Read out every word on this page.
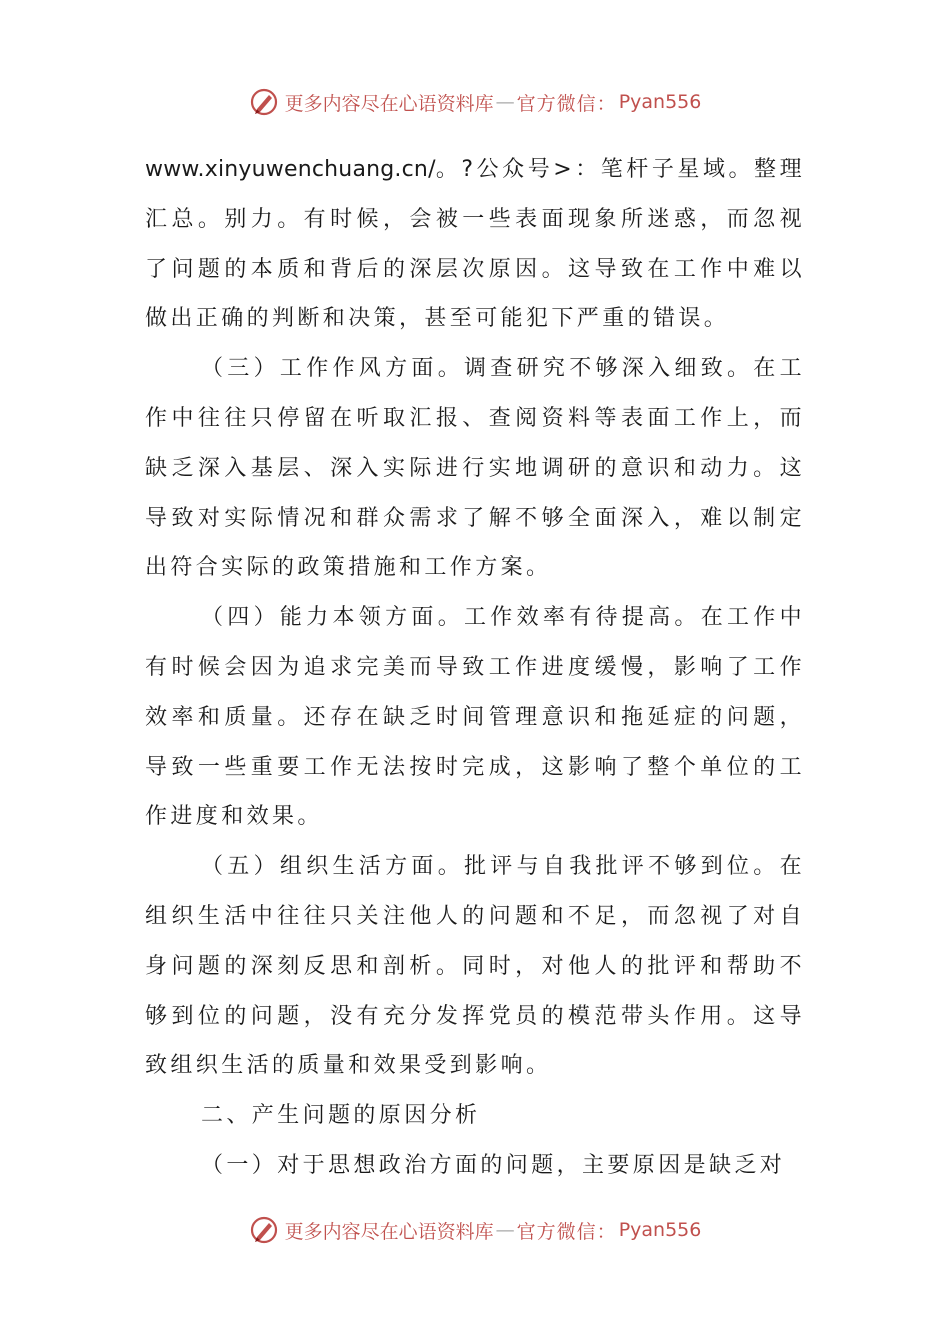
更多内容尽在心语资料库 — 官方微信： Pyan556

www.xinyuwenchuang.cn/。?公众号>：笔杆子星域。整理汇总。别力。有时候，会被一些表面现象所迷惑，而忽视了问题的本质和背后的深层次原因。这导致在工作中难以做出正确的判断和决策，甚至可能犯下严重的错误。

（三）工作作风方面。调查研究不够深入细致。在工作中往往只停留在听取汇报、查阅资料等表面工作上，而缺乏深入基层、深入实际进行实地调研的意识和动力。这导致对实际情况和群众需求了解不够全面深入，难以制定出符合实际的政策措施和工作方案。

（四）能力本领方面。工作效率有待提高。在工作中有时候会因为追求完美而导致工作进度缓慢，影响了工作效率和质量。还存在缺乏时间管理意识和拖延症的问题，导致一些重要工作无法按时完成，这影响了整个单位的工作进度和效果。

（五）组织生活方面。批评与自我批评不够到位。在组织生活中往往只关注他人的问题和不足，而忽视了对自身问题的深刻反思和剖析。同时，对他人的批评和帮助不够到位的问题，没有充分发挥党员的模范带头作用。这导致组织生活的质量和效果受到影响。

二、产生问题的原因分析

（一）对于思想政治方面的问题，主要原因是缺乏对

更多内容尽在心语资料库 — 官方微信： Pyan556
